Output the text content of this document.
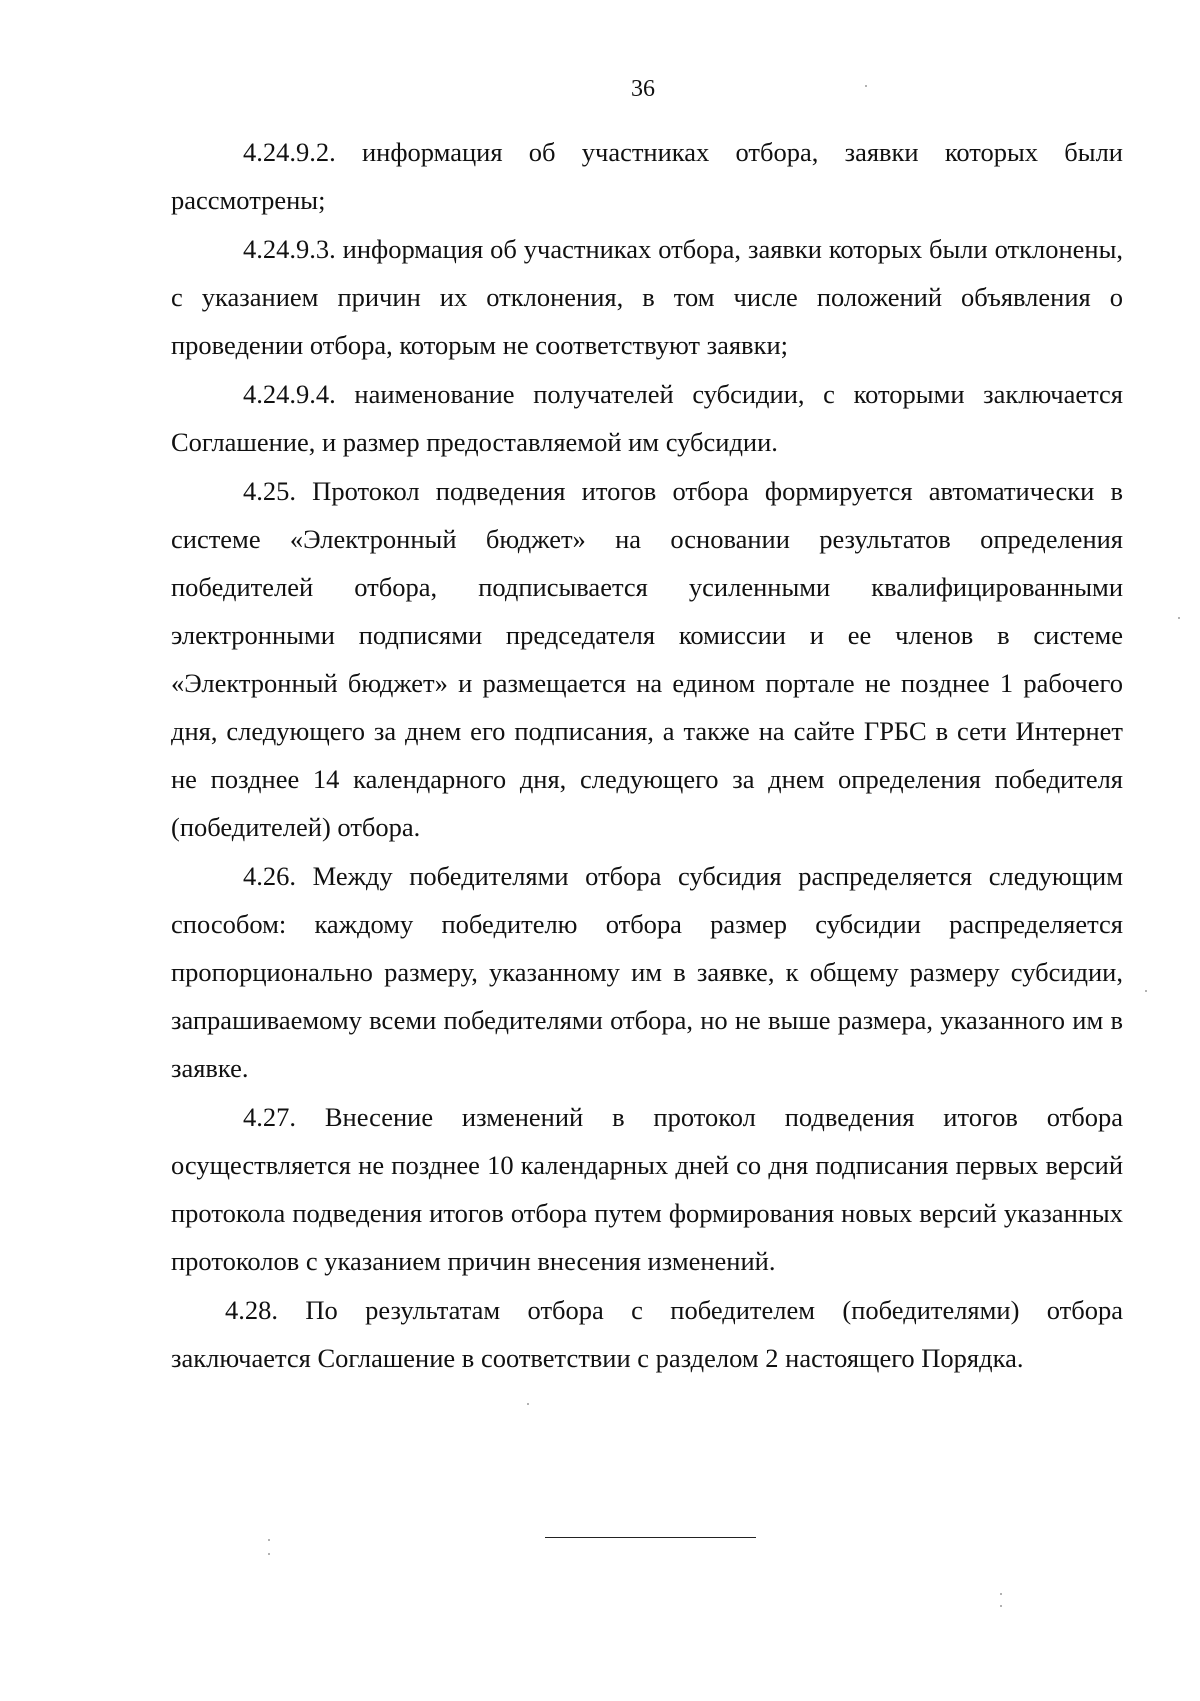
36

4.24.9.2. информация об участниках отбора, заявки которых были рассмотрены;

4.24.9.3. информация об участниках отбора, заявки которых были отклонены, с указанием причин их отклонения, в том числе положений объявления о проведении отбора, которым не соответствуют заявки;

4.24.9.4. наименование получателей субсидии, с которыми заключается Соглашение, и размер предоставляемой им субсидии.

4.25. Протокол подведения итогов отбора формируется автоматически в системе «Электронный бюджет» на основании результатов определения победителей отбора, подписывается усиленными квалифицированными электронными подписями председателя комиссии и ее членов в системе «Электронный бюджет» и размещается на едином портале не позднее 1 рабочего дня, следующего за днем его подписания, а также на сайте ГРБС в сети Интернет не позднее 14 календарного дня, следующего за днем определения победителя (победителей) отбора.

4.26. Между победителями отбора субсидия распределяется следующим способом: каждому победителю отбора размер субсидии распределяется пропорционально размеру, указанному им в заявке, к общему размеру субсидии, запрашиваемому всеми победителями отбора, но не выше размера, указанного им в заявке.

4.27. Внесение изменений в протокол подведения итогов отбора осуществляется не позднее 10 календарных дней со дня подписания первых версий протокола подведения итогов отбора путем формирования новых версий указанных протоколов с указанием причин внесения изменений.

4.28. По результатам отбора с победителем (победителями) отбора заключается Соглашение в соответствии с разделом 2 настоящего Порядка.
